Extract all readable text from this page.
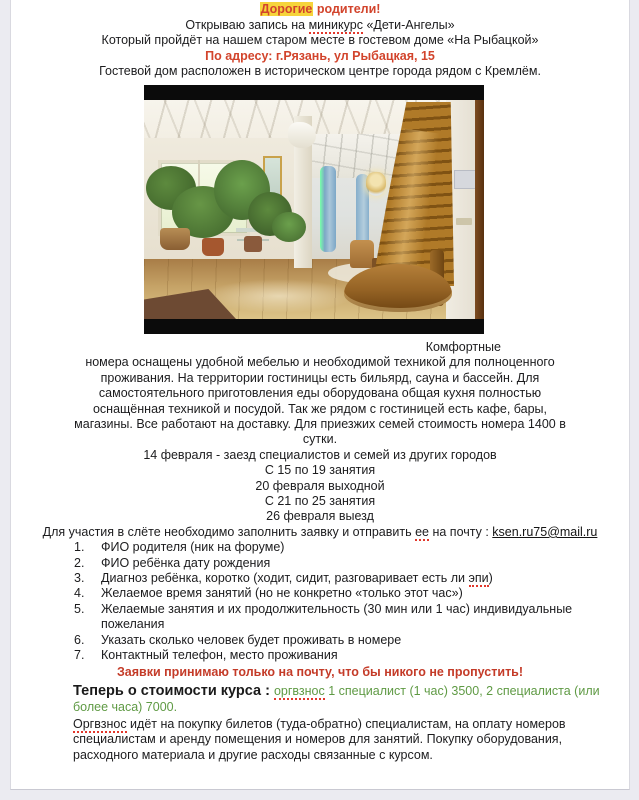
Дорогие родители!
Открываю запись на миникурс «Дети-Ангелы»
Который пройдёт на нашем старом месте в гостевом доме «На Рыбацкой»
По адресу: г.Рязань, ул Рыбацкая, 15
Гостевой дом расположен в историческом центре города рядом с Кремлём.
Комфортные
номера оснащены удобной мебелью и необходимой техникой для полноценного проживания. На территории гостиницы есть бильярд, сауна и бассейн. Для самостоятельного приготовления еды оборудована общая кухня полностью оснащённая техникой и посудой. Так же рядом с гостиницей есть кафе, бары, магазины. Все работают на доставку. Для приезжих семей стоимость номера 1400 в сутки.
14 февраля - заезд специалистов и семей из других городов
С 15 по 19 занятия
20 февраля выходной
С 21 по 25 занятия
26 февраля выезд
Для участия в слёте необходимо заполнить заявку и отправить ее на почту : ksen.ru75@mail.ru
1.	ФИО родителя (ник на форуме)
2.	ФИО ребёнка дату рождения
3.	Диагноз ребёнка, коротко (ходит, сидит, разговаривает есть ли эпи)
4.	Желаемое время занятий (но не конкретно «только этот час»)
5.	Желаемые занятия и их продолжительность (30 мин или 1 час) индивидуальные пожелания
6.	Указать сколько человек будет проживать в номере
7.	Контактный телефон, место проживания
Заявки принимаю только на почту, что бы никого не пропустить!
Теперь о стоимости курса : оргвзнос 1 специалист (1 час) 3500, 2 специалиста (или более часа) 7000.
Оргвзнос идёт на покупку билетов (туда-обратно) специалистам, на оплату номеров специалистам и аренду помещения и номеров для занятий. Покупку оборудования, расходного материала и другие расходы связанные с курсом.
